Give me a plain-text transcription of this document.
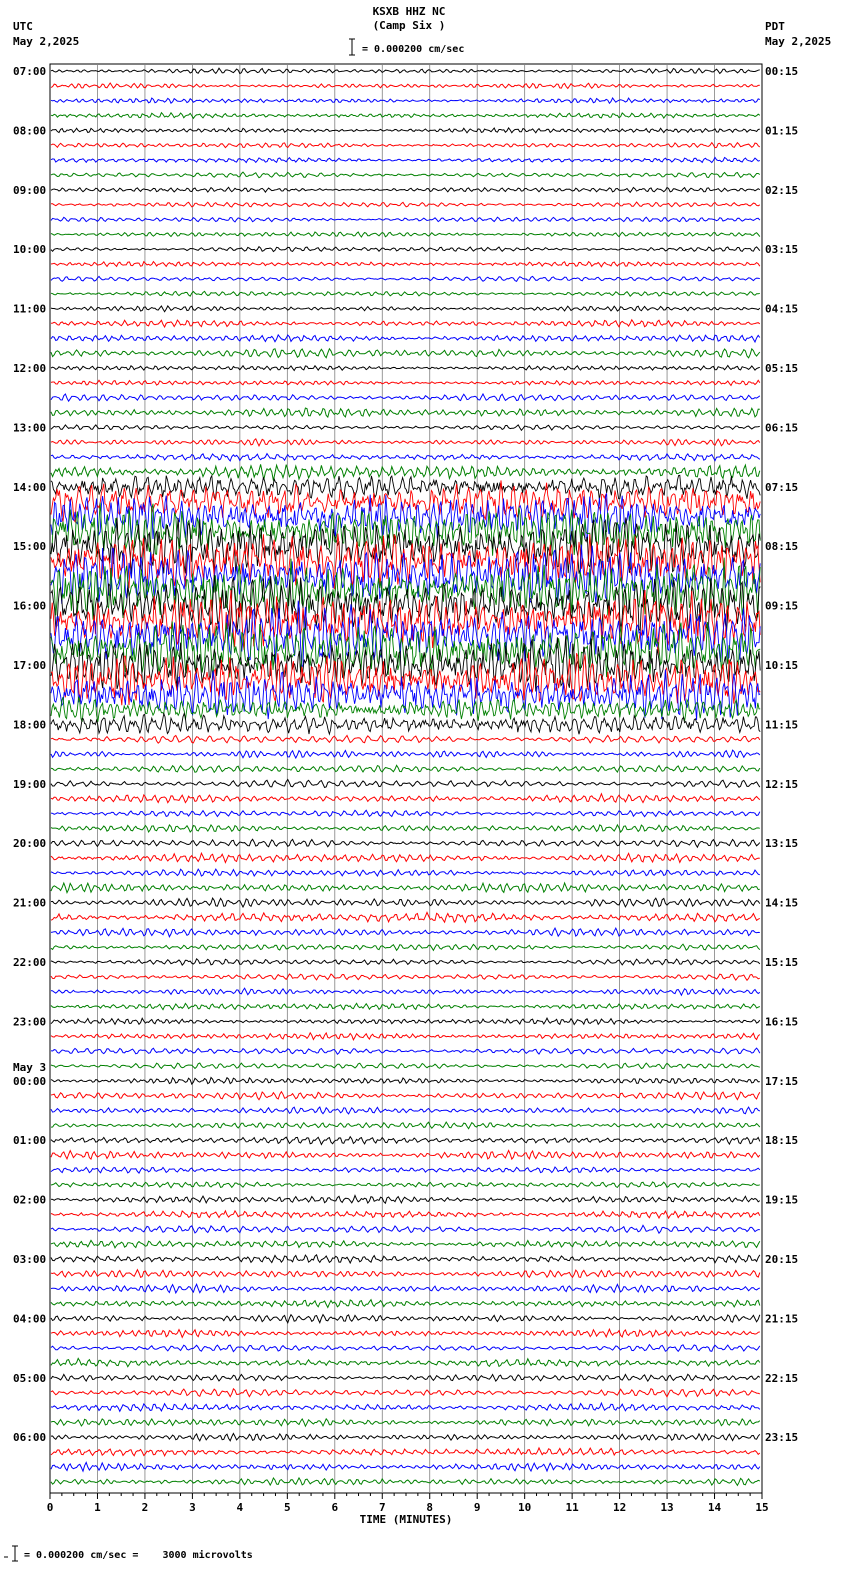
KSXB HHZ NC
(Camp Six )
UTC
May 2,2025
PDT
May 2,2025
= 0.000200 cm/sec
07:00
08:00
09:00
10:00
11:00
12:00
13:00
14:00
15:00
16:00
17:00
18:00
19:00
20:00
21:00
22:00
23:00
00:00
01:00
02:00
03:00
04:00
05:00
06:00
00:15
01:15
02:15
03:15
04:15
05:15
06:15
07:15
08:15
09:15
10:15
11:15
12:15
13:15
14:15
15:15
16:15
17:15
18:15
19:15
20:15
21:15
22:15
23:15
May 3
0	1	2	3	4	5	6	7	8	9	10	11	12	13	14	15
TIME (MINUTES)
= 0.000200 cm/sec =    3000 microvolts
